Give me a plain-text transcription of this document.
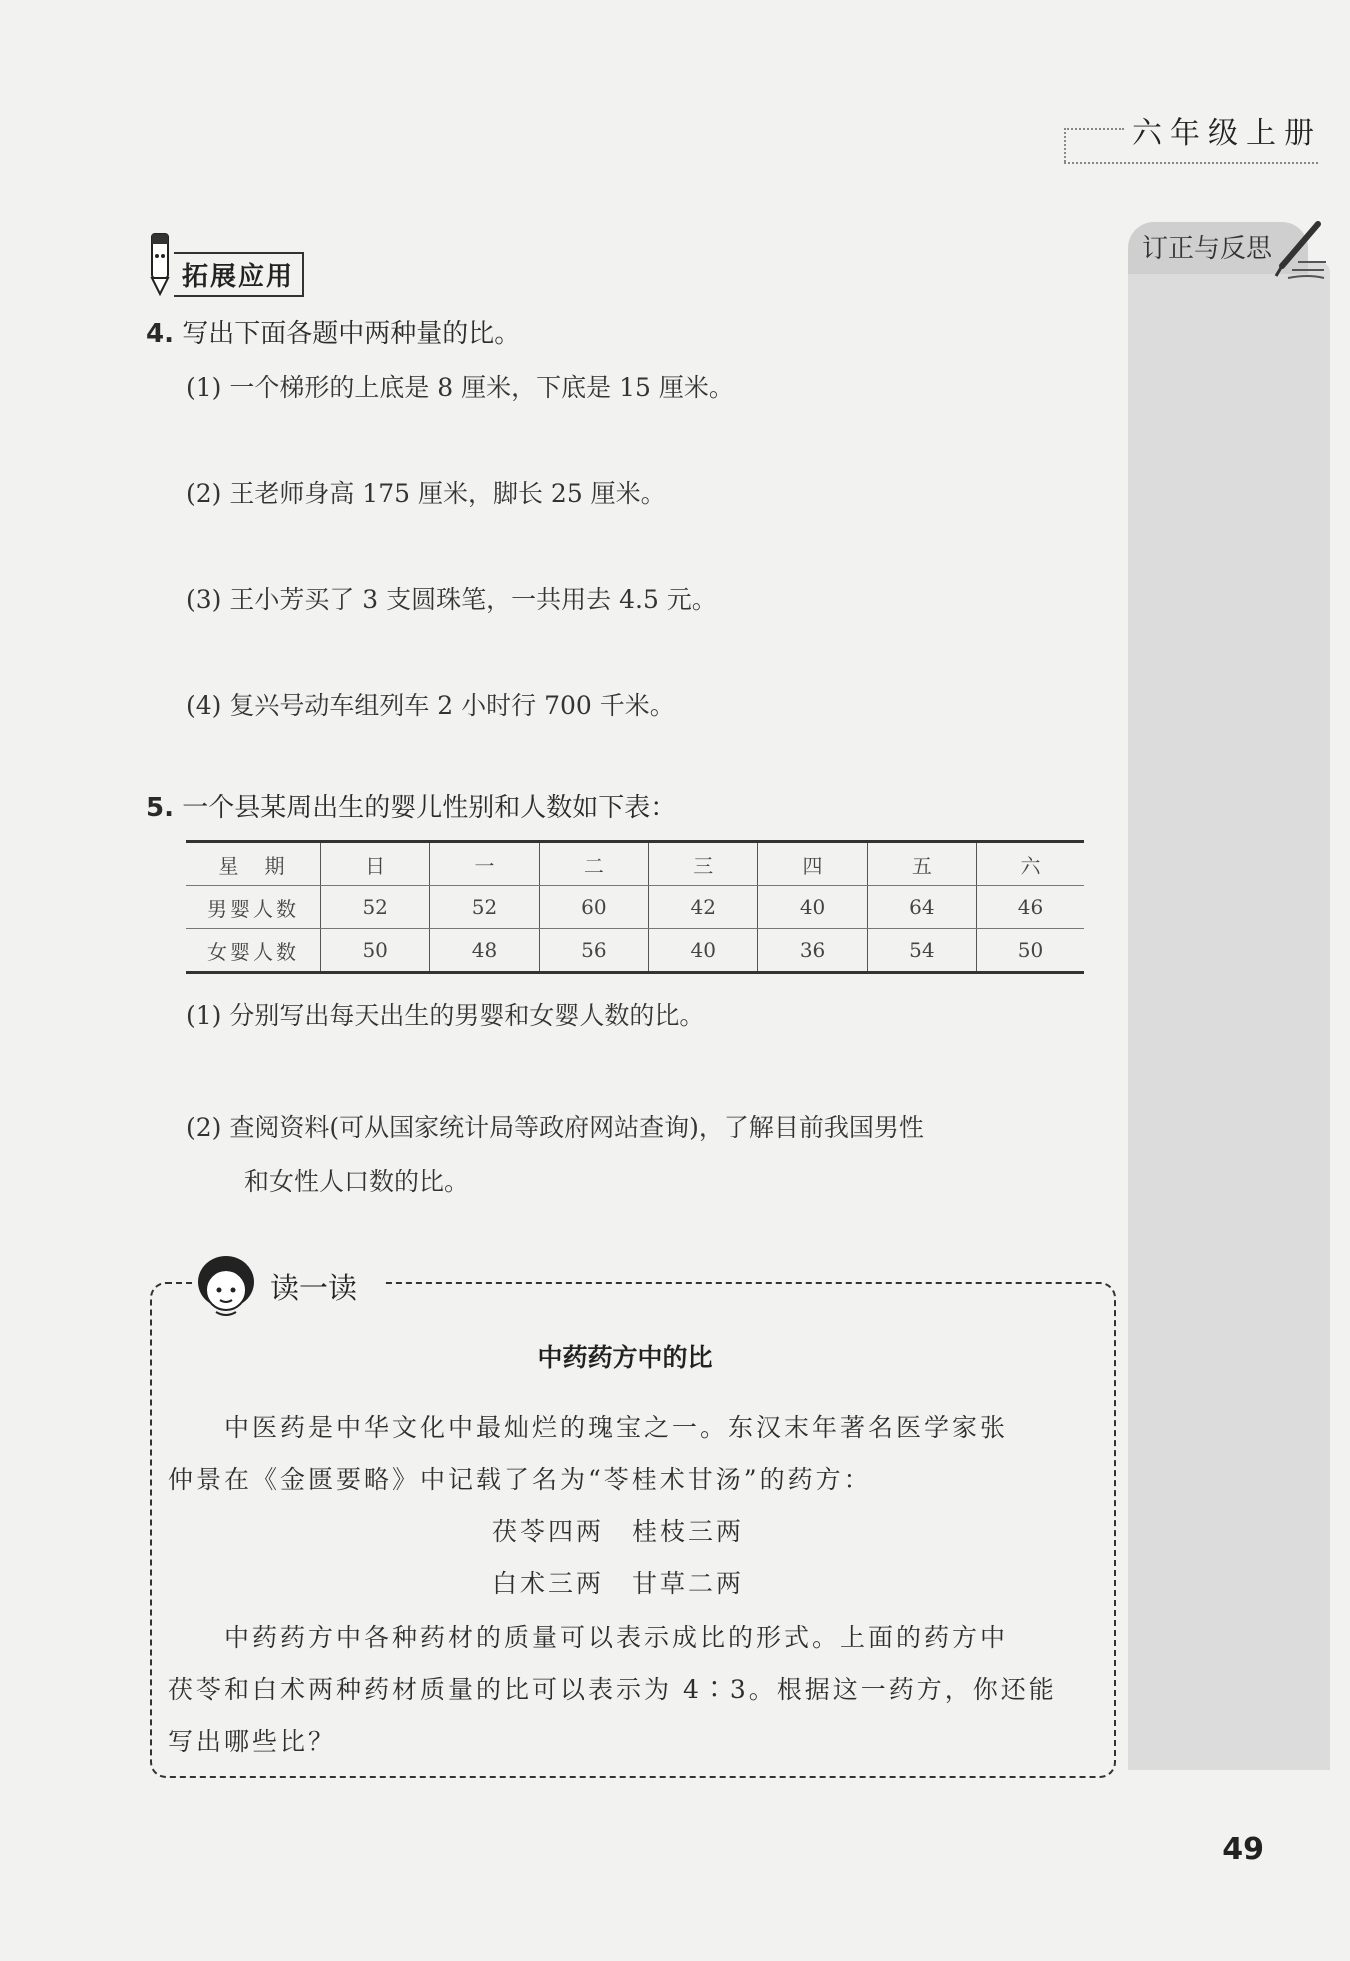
六年级上册
订正与反思
拓展应用
4. 写出下面各题中两种量的比。
(1) 一个梯形的上底是 8 厘米，下底是 15 厘米。
(2) 王老师身高 175 厘米，脚长 25 厘米。
(3) 王小芳买了 3 支圆珠笔，一共用去 4.5 元。
(4) 复兴号动车组列车 2 小时行 700 千米。
5. 一个县某周出生的婴儿性别和人数如下表：
星　期	日	一	二	三	四	五	六
男婴人数	52	52	60	42	40	64	46
女婴人数	50	48	56	40	36	54	50
(1) 分别写出每天出生的男婴和女婴人数的比。
(2) 查阅资料(可从国家统计局等政府网站查询)，了解目前我国男性
和女性人口数的比。
读一读
中药药方中的比
中医药是中华文化中最灿烂的瑰宝之一。东汉末年著名医学家张
仲景在《金匮要略》中记载了名为“苓桂术甘汤”的药方：
茯苓四两　桂枝三两
白术三两　甘草二两
中药药方中各种药材的质量可以表示成比的形式。上面的药方中
茯苓和白术两种药材质量的比可以表示为 4∶3。根据这一药方，你还能
写出哪些比？
49
